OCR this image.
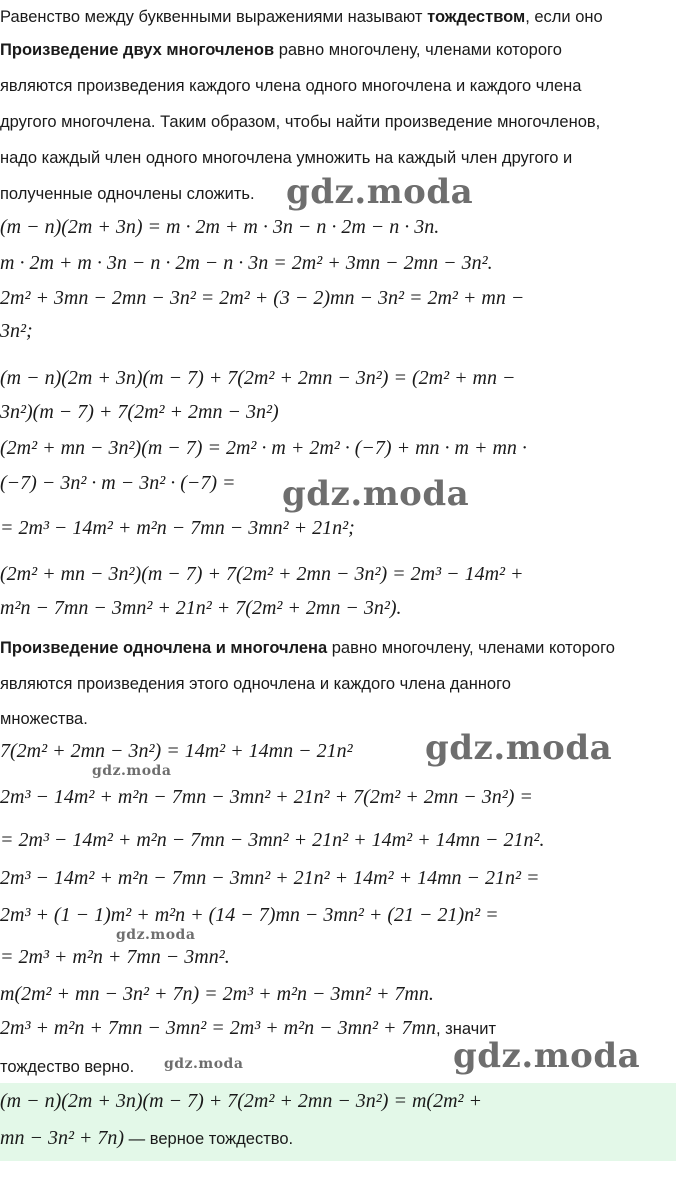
Равенство между буквенными выражениями называют тождеством, если оно
Произведение двух многочленов равно многочлену, членами которого
являются произведения каждого члена одного многочлена и каждого члена
другого многочлена. Таким образом, чтобы найти произведение многочленов,
надо каждый член одного многочлена умножить на каждый член другого и
полученные одночлены сложить. gdz.moda
(m − n)(2m + 3n) = m · 2m + m · 3n − n · 2m − n · 3n.
m · 2m + m · 3n − n · 2m − n · 3n = 2m² + 3mn − 2mn − 3n².
2m² + 3mn − 2mn − 3n² = 2m² + (3 − 2)mn − 3n² = 2m² + mn −
3n²;
(m − n)(2m + 3n)(m − 7) + 7(2m² + 2mn − 3n²) = (2m² + mn −
3n²)(m − 7) + 7(2m² + 2mn − 3n²)
(2m² + mn − 3n²)(m − 7) = 2m² · m + 2m² · (−7) + mn · m + mn ·
(−7) − 3n² · m − 3n² · (−7) = gdz.moda
= 2m³ − 14m² + m²n − 7mn − 3mn² + 21n²;
(2m² + mn − 3n²)(m − 7) + 7(2m² + 2mn − 3n²) = 2m³ − 14m² +
m²n − 7mn − 3mn² + 21n² + 7(2m² + 2mn − 3n²).
Произведение одночлена и многочлена равно многочлену, членами которого
являются произведения этого одночлена и каждого члена данного
множества.
7(2m² + 2mn − 3n²) = 14m² + 14mn − 21n² gdz.moda
gdz.moda
2m³ − 14m² + m²n − 7mn − 3mn² + 21n² + 7(2m² + 2mn − 3n²) =
= 2m³ − 14m² + m²n − 7mn − 3mn² + 21n² + 14m² + 14mn − 21n².
2m³ − 14m² + m²n − 7mn − 3mn² + 21n² + 14m² + 14mn − 21n² =
2m³ + (1 − 1)m² + m²n + (14 − 7)mn − 3mn² + (21 − 21)n² =
gdz.moda
= 2m³ + m²n + 7mn − 3mn².
m(2m² + mn − 3n² + 7n) = 2m³ + m²n − 3mn² + 7mn.
2m³ + m²n + 7mn − 3mn² = 2m³ + m²n − 3mn² + 7mn, значит
тождество верно. gdz.moda	gdz.moda
(m − n)(2m + 3n)(m − 7) + 7(2m² + 2mn − 3n²) = m(2m² +
mn − 3n² + 7n) — верное тождество.
